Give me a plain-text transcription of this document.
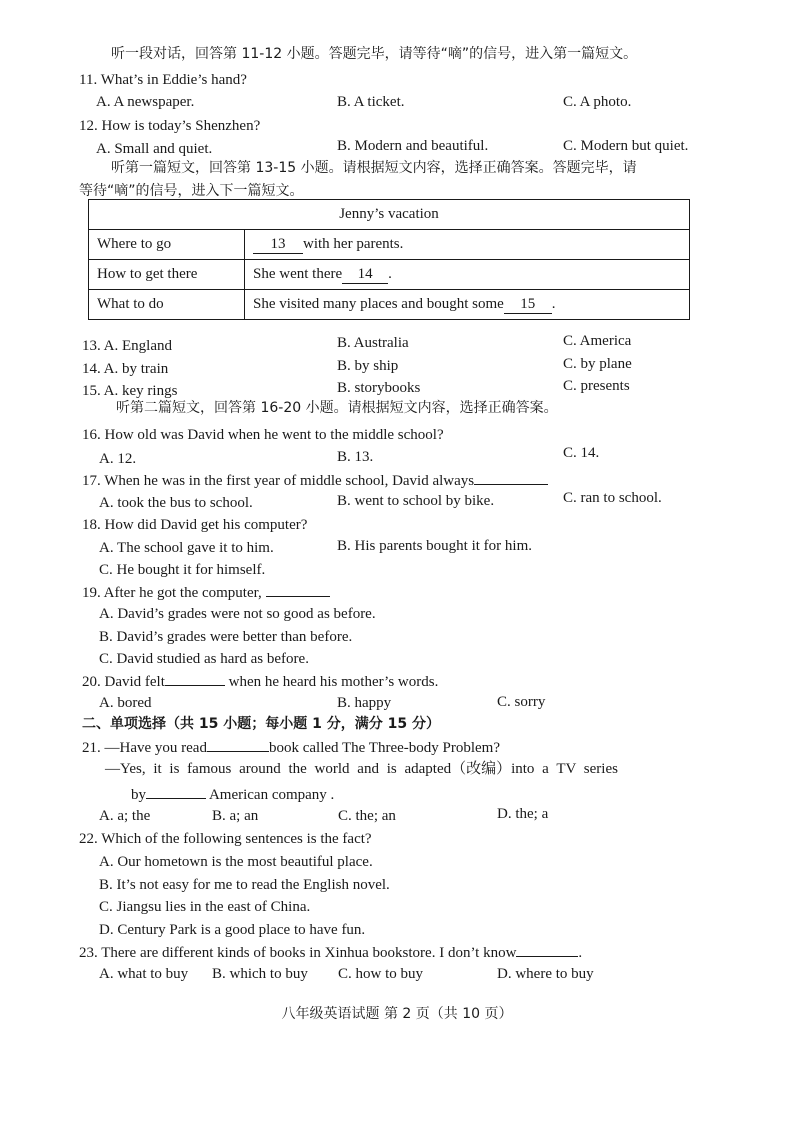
听一段对话，回答第 11-12 小题。答题完毕，请等待“嘀”的信号，进入第一篇短文。
11. What’s in Eddie’s hand?
A. A newspaper.	B. A ticket.	C. A photo.
12. How is today’s Shenzhen?
A. Small and quiet.	B. Modern and beautiful.	C. Modern but quiet.
听第一篇短文，回答第 13-15 小题。请根据短文内容，选择正确答案。答题完毕，请
等待“嘀”的信号，进入下一篇短文。
Jenny’s vacation	
Where to go	13 with her parents.
How to get there	She went there 14 .
What to do	She visited many places and bought some 15 .
13. A. England	B. Australia	C. America
14. A. by train	B. by ship	C. by plane
15. A. key rings	B. storybooks	C. presents
听第二篇短文，回答第 16-20 小题。请根据短文内容，选择正确答案。
16. How old was David when he went to the middle school?
A. 12.	B. 13.	C. 14.
17. When he was in the first year of middle school, David always
A. took the bus to school.	B. went to school by bike.	C. ran to school.
18. How did David get his computer?
A. The school gave it to him.	B. His parents bought it for him.
C. He bought it for himself.
19. After he got the computer,
A. David’s grades were not so good as before.
B. David’s grades were better than before.
C. David studied as hard as before.
20. David felt	when he heard his mother’s words.
A. bored	B. happy	C. sorry
二、单项选择（共 15 小题；每小题 1 分，满分 15 分）
21. —Have you read	book called The Three-body Problem?
—Yes, it is famous around the world and is adapted（改编）into a TV series
by	American company .
A. a; the	B. a; an	C. the; an	D. the; a
22. Which of the following sentences is the fact?
A. Our hometown is the most beautiful place.
B. It’s not easy for me to read the English novel.
C. Jiangsu lies in the east of China.
D. Century Park is a good place to have fun.
23. There are different kinds of books in Xinhua bookstore. I don’t know	.
A. what to buy B. which to buy C. how to buy	D. where to buy
八年级英语试题 第 2 页（共 10 页）
